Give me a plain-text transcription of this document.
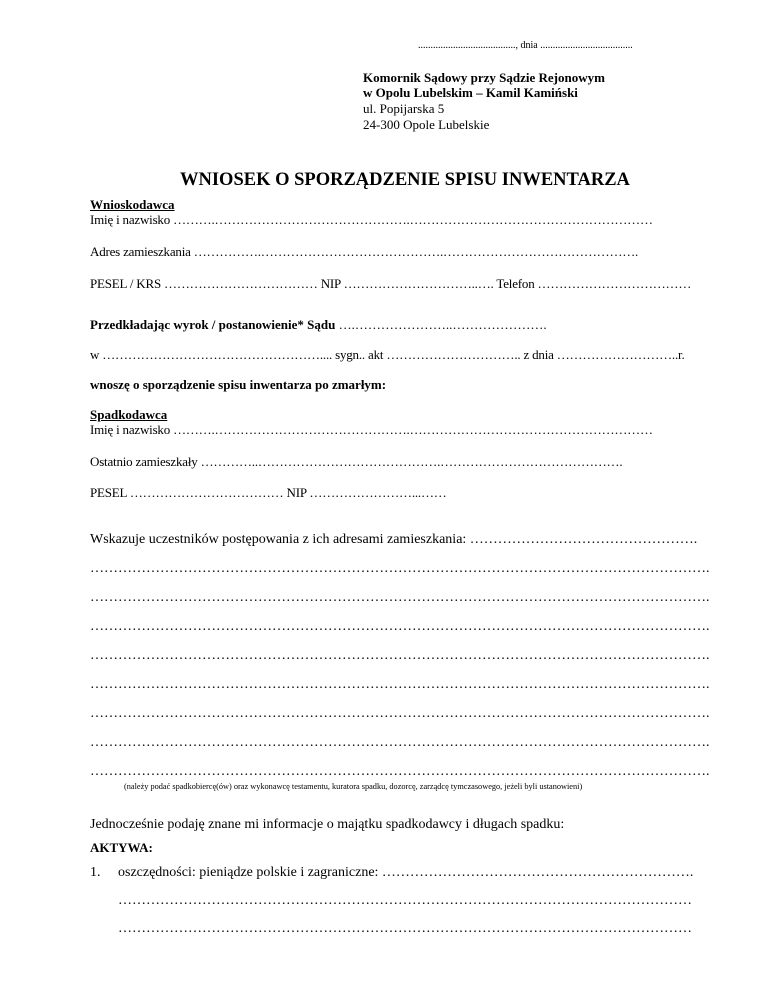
......................................., dnia .....................................
Komornik Sądowy przy Sądzie Rejonowym
w Opolu Lubelskim – Kamil Kamiński
ul. Popijarska 5
24-300 Opole Lubelskie
WNIOSEK O SPORZĄDZENIE SPISU INWENTARZA
Wnioskodawca
Imię i nazwisko ……….……………………………………….…………………………………………………
Adres zamieszkania …………….…………………………………….……………………………………….
PESEL / KRS ……………………………… NIP …………………………..…. Telefon ………………………………
Przedkładając wyrok / postanowienie* Sądu ….…………………..………………….
w …………………………………………….... sygn.. akt ………………………….. z dnia ………………………..r.
wnoszę o sporządzenie spisu inwentarza po zmarłym:
Spadkodawca
Imię i nazwisko ……….……………………………………….…………………………………………………
Ostatnio zamieszkały …………..…………………………………….…………………………………….
PESEL ……………………………… NIP ……………………...……
Wskazuje uczestników postępowania z ich adresami zamieszkania: ………………………………………….
…………………………………………………………………………………………………………………….
…………………………………………………………………………………………………………………….
…………………………………………………………………………………………………………………….
…………………………………………………………………………………………………………………….
…………………………………………………………………………………………………………………….
…………………………………………………………………………………………………………………….
…………………………………………………………………………………………………………………….
…………………………………………………………………………………………………………………….
(należy podać spadkobiercę(ów) oraz wykonawcę testamentu, kuratora spadku, dozorcę, zarządcę tymczasowego, jeżeli byli ustanowieni)
Jednocześnie podaję znane mi informacje o majątku spadkodawcy i długach spadku:
AKTYWA:
1. oszczędności: pieniądze polskie i zagraniczne: ………………………………………………………….
……………………………………………………………………………………………………………
……………………………………………………………………………………………………………
